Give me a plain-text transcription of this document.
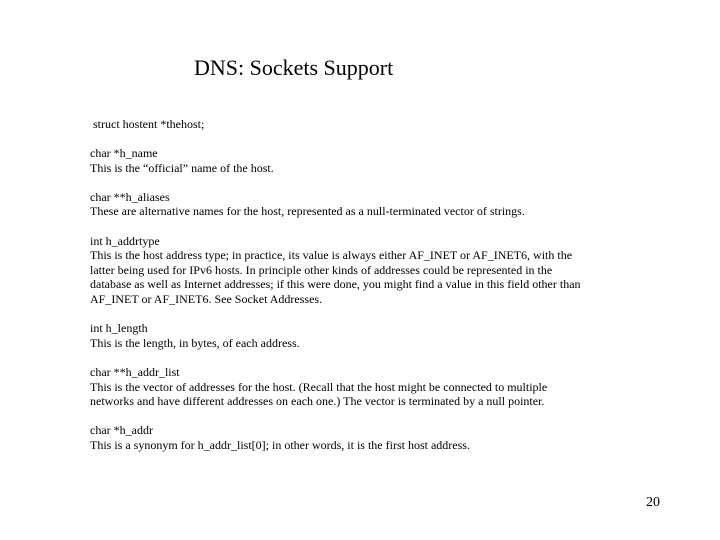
DNS: Sockets Support
struct hostent *thehost;
char *h_name
This is the “official” name of the host.
char **h_aliases
These are alternative names for the host, represented as a null-terminated vector of strings.
int h_addrtype
This is the host address type; in practice, its value is always either AF_INET or AF_INET6, with the latter being used for IPv6 hosts. In principle other kinds of addresses could be represented in the database as well as Internet addresses; if this were done, you might find a value in this field other than AF_INET or AF_INET6. See Socket Addresses.
int h_length
This is the length, in bytes, of each address.
char **h_addr_list
This is the vector of addresses for the host. (Recall that the host might be connected to multiple networks and have different addresses on each one.) The vector is terminated by a null pointer.
char *h_addr
This is a synonym for h_addr_list[0]; in other words, it is the first host address.
20
